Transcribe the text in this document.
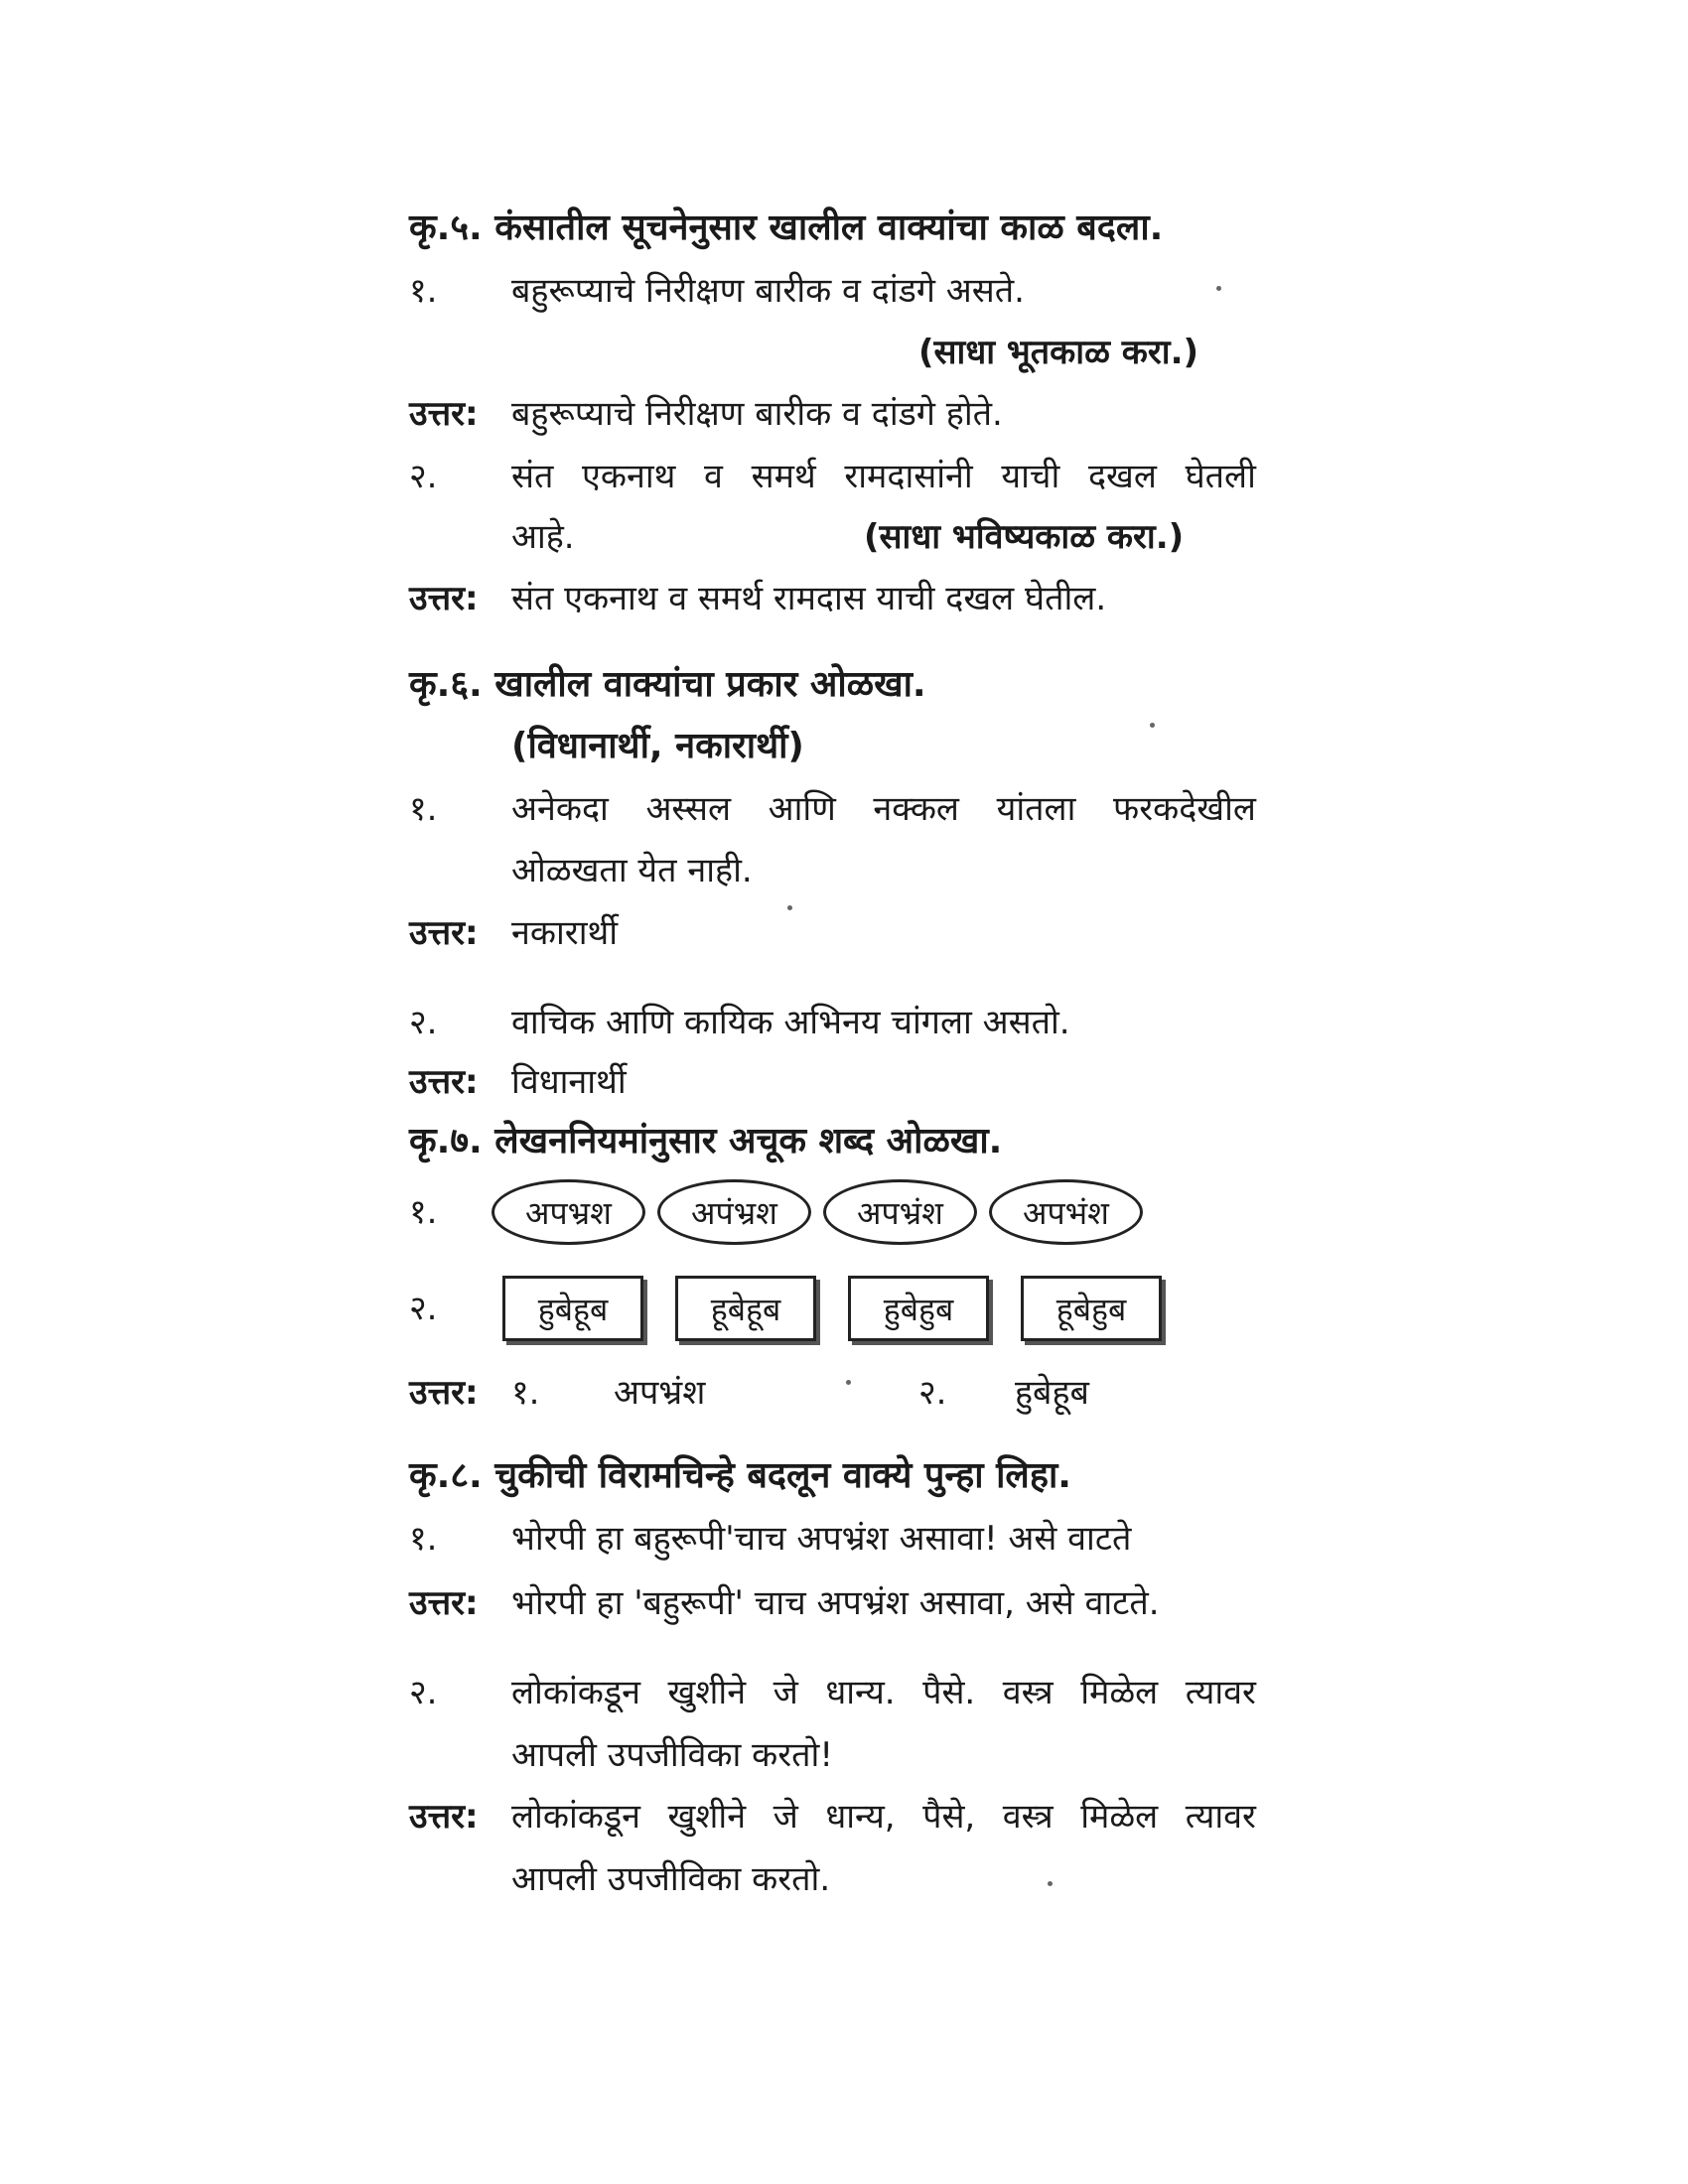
कृ.५. कंसातील सूचनेनुसार खालील वाक्यांचा काळ बदला.
१. बहुरूप्याचे निरीक्षण बारीक व दांडगे असते.
(साधा भूतकाळ करा.)
उत्तर: बहुरूप्याचे निरीक्षण बारीक व दांडगे होते.
२. संत एकनाथ व समर्थ रामदासांनी याची दखल घेतली
आहे.	(साधा भविष्यकाळ करा.)
उत्तर: संत एकनाथ व समर्थ रामदास याची दखल घेतील.
कृ.६. खालील वाक्यांचा प्रकार ओळखा.
(विधानार्थी, नकारार्थी)
१. अनेकदा अस्सल आणि नक्कल यांतला फरकदेखील
ओळखता येत नाही.
उत्तर: नकारार्थी
२. वाचिक आणि कायिक अभिनय चांगला असतो.
उत्तर: विधानार्थी
कृ.७. लेखननियमांनुसार अचूक शब्द ओळखा.
१.	अपभ्रश	अपंभ्रश	अपभ्रंश	अपभंश
२.	हुबेहूब	हूबेहूब	हुबेहुब	हूबेहुब
उत्तर: १. अपभ्रंश	२. हुबेहूब
कृ.८. चुकीची विरामचिन्हे बदलून वाक्ये पुन्हा लिहा.
१. भोरपी हा बहुरूपी'चाच अपभ्रंश असावा! असे वाटते
उत्तर: भोरपी हा 'बहुरूपी' चाच अपभ्रंश असावा, असे वाटते.
२. लोकांकडून खुशीने जे धान्य. पैसे. वस्त्र मिळेल त्यावर
आपली उपजीविका करतो!
उत्तर: लोकांकडून खुशीने जे धान्य, पैसे, वस्त्र मिळेल त्यावर
आपली उपजीविका करतो.
